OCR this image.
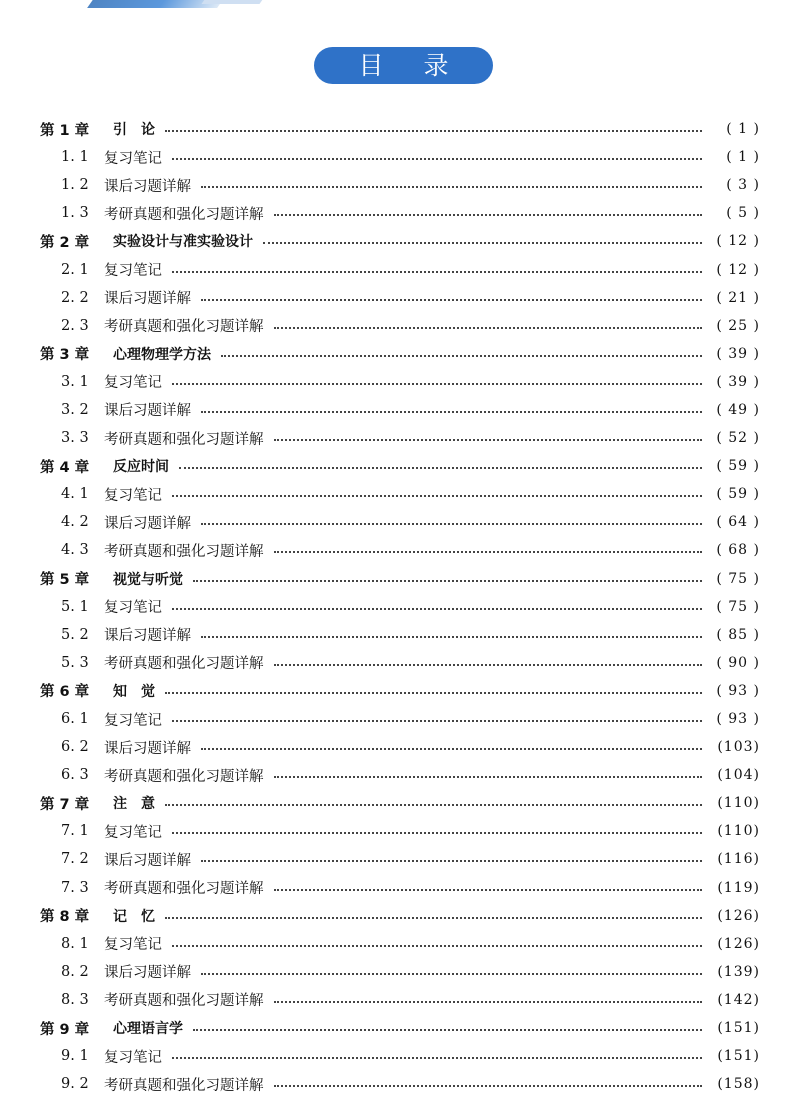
目 录
第 1 章	引　论	( 1 )
1. 1	复习笔记	( 1 )
1. 2	课后习题详解	( 3 )
1. 3	考研真题和强化习题详解	( 5 )
第 2 章	实验设计与准实验设计	( 12 )
2. 1	复习笔记	( 12 )
2. 2	课后习题详解	( 21 )
2. 3	考研真题和强化习题详解	( 25 )
第 3 章	心理物理学方法	( 39 )
3. 1	复习笔记	( 39 )
3. 2	课后习题详解	( 49 )
3. 3	考研真题和强化习题详解	( 52 )
第 4 章	反应时间	( 59 )
4. 1	复习笔记	( 59 )
4. 2	课后习题详解	( 64 )
4. 3	考研真题和强化习题详解	( 68 )
第 5 章	视觉与听觉	( 75 )
5. 1	复习笔记	( 75 )
5. 2	课后习题详解	( 85 )
5. 3	考研真题和强化习题详解	( 90 )
第 6 章	知　觉	( 93 )
6. 1	复习笔记	( 93 )
6. 2	课后习题详解	(103)
6. 3	考研真题和强化习题详解	(104)
第 7 章	注　意	(110)
7. 1	复习笔记	(110)
7. 2	课后习题详解	(116)
7. 3	考研真题和强化习题详解	(119)
第 8 章	记　忆	(126)
8. 1	复习笔记	(126)
8. 2	课后习题详解	(139)
8. 3	考研真题和强化习题详解	(142)
第 9 章	心理语言学	(151)
9. 1	复习笔记	(151)
9. 2	考研真题和强化习题详解	(158)
